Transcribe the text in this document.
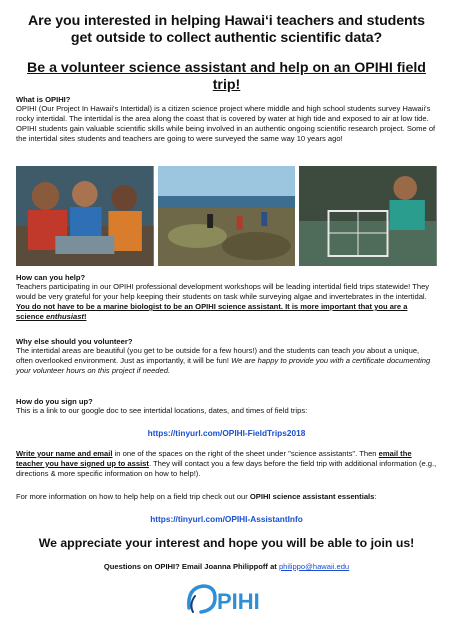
Are you interested in helping Hawai‘i teachers and students get outside to collect authentic scientific data?
Be a volunteer science assistant and help on an OPIHI field trip!

What is OPIHI?

OPIHI (Our Project In Hawaii's Intertidal) is a citizen science project where middle and high school students survey Hawaii's rocky intertidal. The intertidal is the area along the coast that is covered by water at high tide and exposed to air at low tide. OPIHI students gain valuable scientific skills while being involved in an authentic ongoing scientific research project. Some of the intertidal sites students and teachers are going to were surveyed the same way 10 years ago!

How can you help?

Teachers participating in our OPIHI professional development workshops will be leading intertidal field trips statewide! They would be very grateful for your help keeping their students on task while surveying algae and invertebrates in the intertidal. You do not have to be a marine biologist to be an OPIHI science assistant. It is more important that you are a science enthusiast!

Why else should you volunteer?

The intertidal areas are beautiful (you get to be outside for a few hours!) and the students can teach you about a unique, often overlooked environment. Just as importantly, it will be fun! We are happy to provide you with a certificate documenting your volunteer hours on this project if needed.

How do you sign up?

This is a link to our google doc to see intertidal locations, dates, and times of field trips:

https://tinyurl.com/OPIHI-FieldTrips2018

Write your name and email in one of the spaces on the right of the sheet under "science assistants". Then email the teacher you have signed up to assist. They will contact you a few days before the field trip with additional information (e.g., directions & more specific information on how to help!).

For more information on how to help help on a field trip check out our OPIHI science assistant essentials:

https://tinyurl.com/OPIHI-AssistantInfo

We appreciate your interest and hope you will be able to join us!

Questions on OPIHI? Email Joanna Philippoff at philippo@hawaii.edu

PIHI
